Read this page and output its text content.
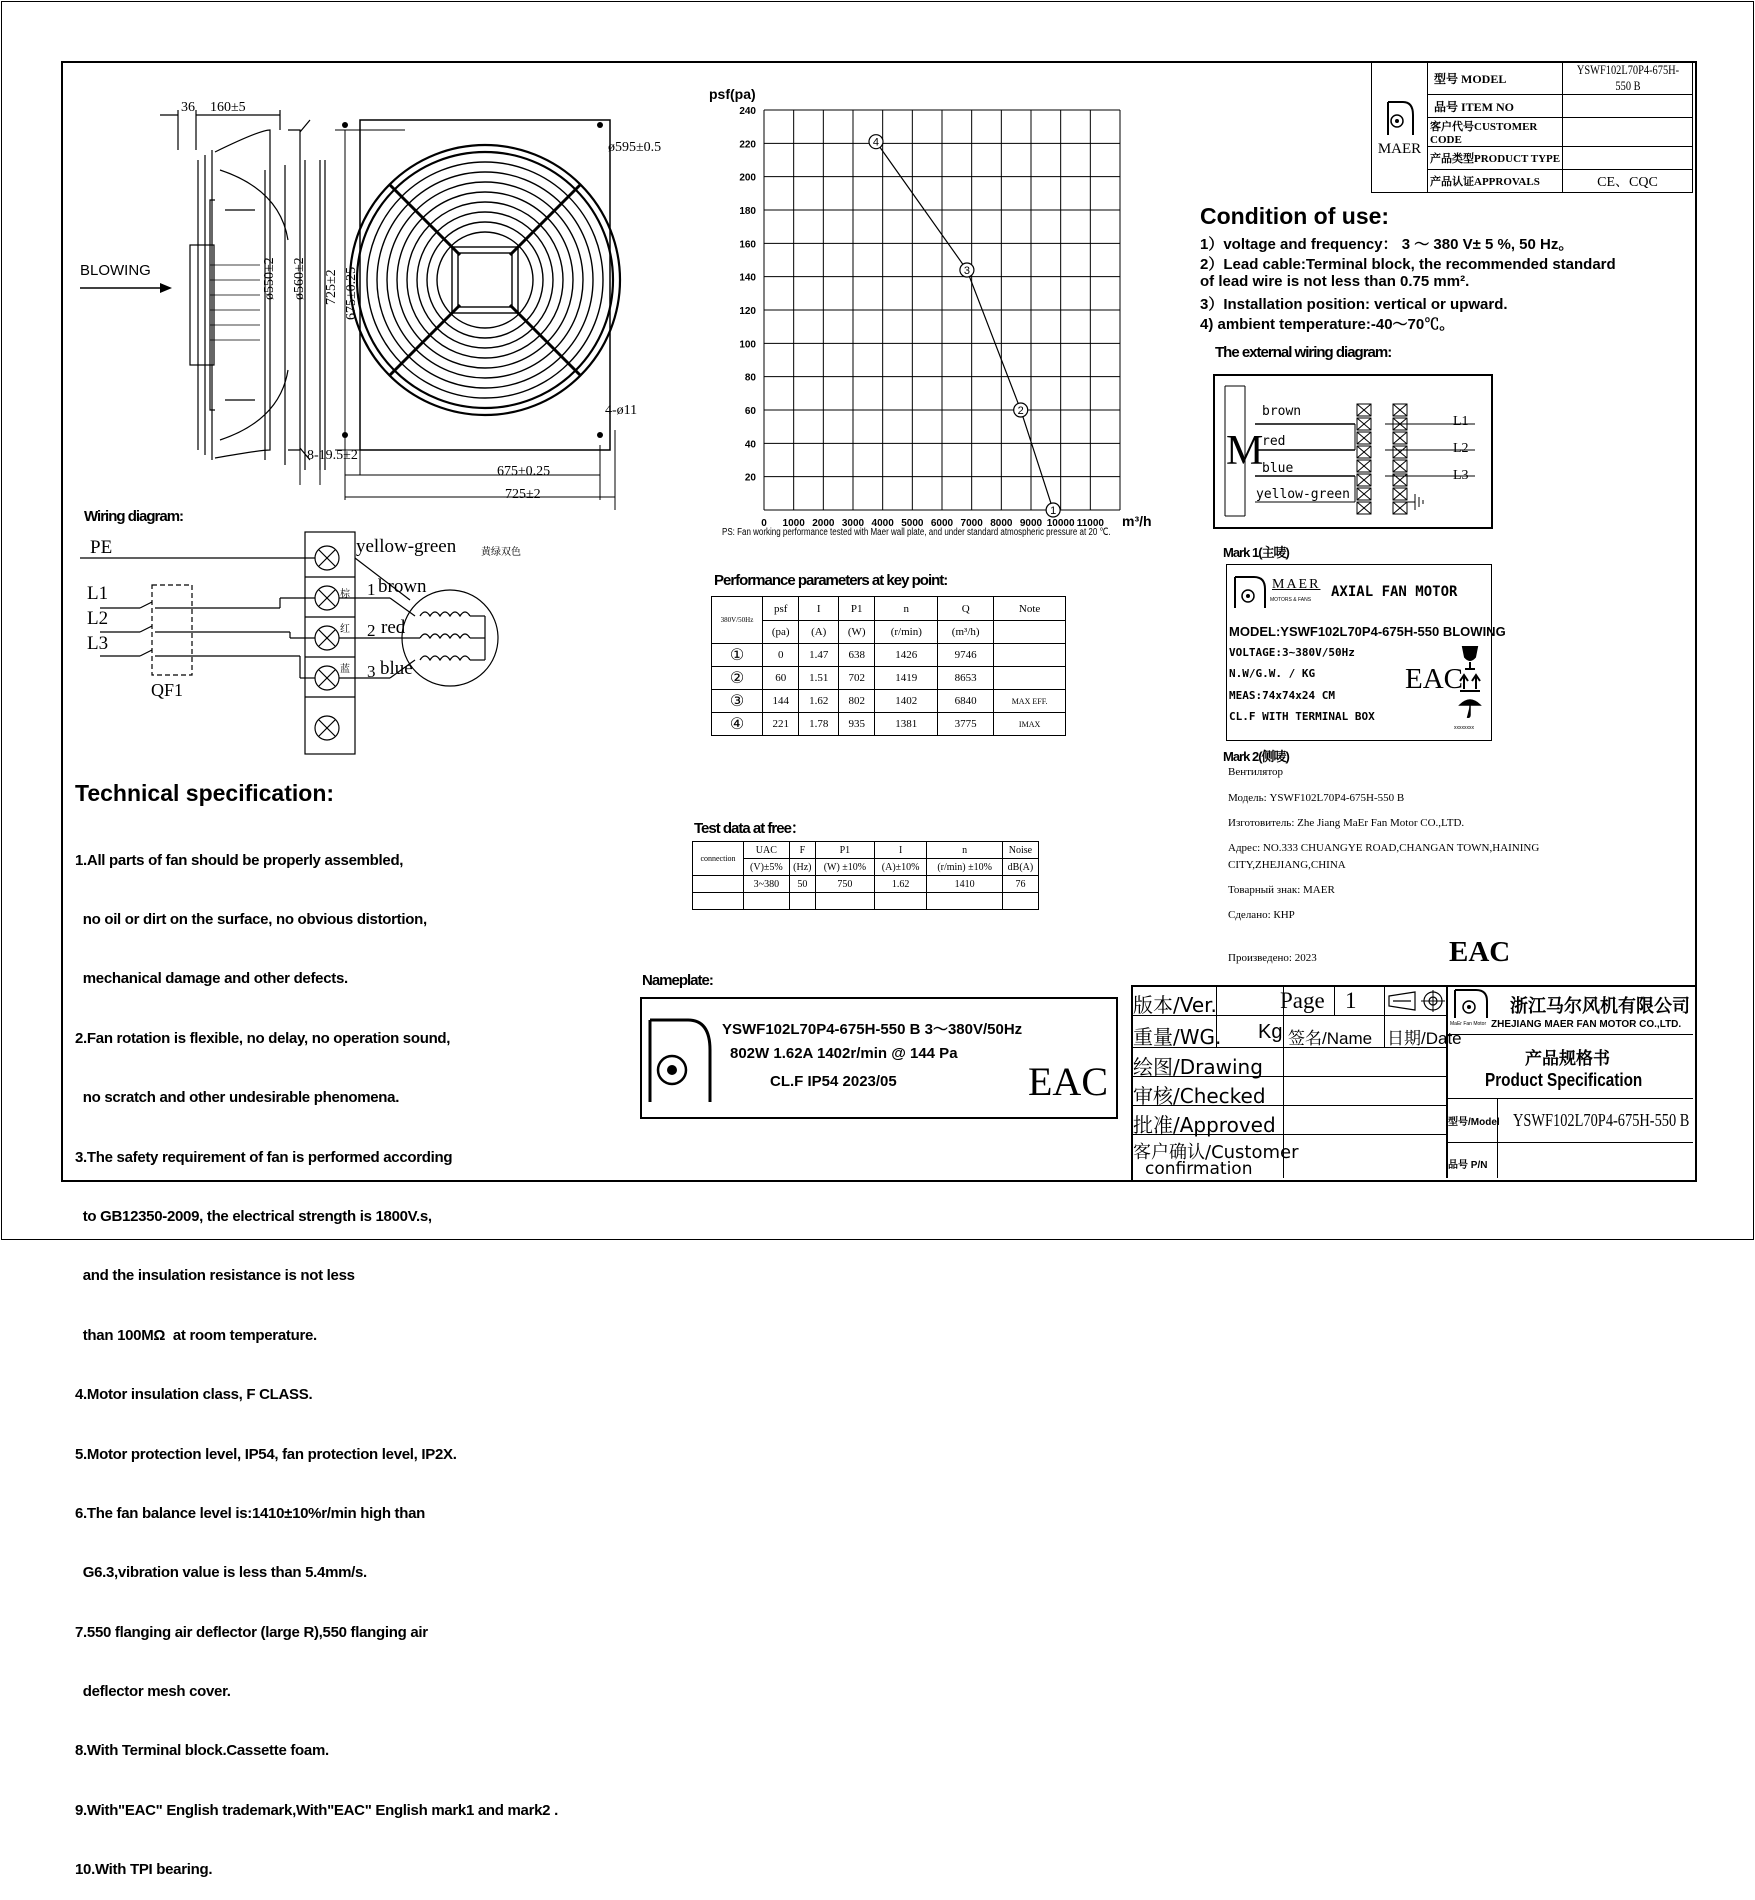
BLOWING
36 160±5
ø550±2 ø560±2 725±2 675±0.25
ø595±0.5
4-ø11
8-19.5±2
675±0.25
725±2
psf(pa)
240
220
200
180
160
140
120
100
80
60
40
20
0 1000 2000 3000 4000 5000 6000 7000 8000 9000 10000 11000 m³/h
4
3
2
1
PS: Fan working performance tested with Maer wall plate, and under standard atmospheric pressure at 20 ℃.
Wiring diagram:
PE
L1
L2
L3
QF1
yellow-green 黄绿双色
1 brown
棕
2 red
红
3 blue
蓝
Performance parameters at key point:
380V/50Hz	psf	I	P1	n	Q	Note
	(pa)	(A)	(W)	(r/min)	(m³/h)	
①	0	1.47	638	1426	9746	
②	60	1.51	702	1419	8653	
③	144	1.62	802	1402	6840	MAX EFF.
④	221	1.78	935	1381	3775	IMAX
Test data at free：
connection	UAC	F	P1	I	n	Noise
	(V)±5%	(Hz)	(W) ±10%	(A)±10%	(r/min) ±10%	dB(A)
	3~380	50	750	1.62	1410	76

Technical specification:

1.All parts of fan should be properly assembled,

no oil or dirt on the surface, no obvious distortion,

mechanical damage and other defects.

2.Fan rotation is flexible, no delay, no operation sound,

no scratch and other undesirable phenomena.

3.The safety requirement of fan is performed according

to GB12350-2009, the electrical strength is 1800V.s,

and the insulation resistance is not less

than 100MΩ  at room temperature.

4.Motor insulation class, F CLASS.

5.Motor protection level, IP54, fan protection level, IP2X.

6.The fan balance level is:1410±10%r/min high than

G6.3,vibration value is less than 5.4mm/s.

7.550 flanging air deflector (large R),550 flanging air

deflector mesh cover.

8.With Terminal block.Cassette foam.

9.With"EAC" English trademark,With"EAC" English mark1 and mark2 .

10.With TPI bearing.

Nameplate:
YSWF102L70P4-675H-550 B 3～380V/50Hz
802W 1.62A 1402r/min @ 144 Pa
CL.F IP54 2023/05	EAC
MAER	型号 MODEL	YSWF102L70P4-675H-550 B
	品号 ITEM NO	
	客户代号CUSTOMER CODE	
	产品类型PRODUCT TYPE	
	产品认证APPROVALS	CE、CQC
Condition of use:
1）voltage and frequency： 3 ～ 380 V± 5 %, 50 Hz。
2）Lead cable:Terminal block, the recommended standard
of lead wire is not less than 0.75 mm².
3）Installation position: vertical or upward.
4) ambient temperature:-40～70℃。
The external wiring diagram:
M
brown
red
blue
yellow-green
L1
L2
L3
Mark 1(主唛)
MAER
MOTORS & FANS AXIAL FAN MOTOR
MODEL:YSWF102L70P4-675H-550 BLOWING
VOLTAGE:3~380V/50Hz
N.W/G.W. / KG
MEAS:74x74x24 CM
CL.F WITH TERMINAL BOX
EAC
xxxxxxxx
Mark 2(侧唛)
Вентилятор
Модель: YSWF102L70P4-675H-550 B
Изготовитель: Zhe Jiang MaEr Fan Motor CO.,LTD.
Адрес: NO.333 CHUANGYE ROAD,CHANGAN TOWN,HAINING
CITY,ZHEJIANG,CHINA
Товарный знак: MAER
Сделано: КНР
Произведено: 2023	EAC
版本/Ver.	Page 1
重量/WG. Kg 签名/Name 日期/Date
绘图/Drawing
审核/Checked
批准/Approved
客户确认/Customer
confirmation
浙江马尔风机有限公司
MaEr Fan Motor ZHEJIANG MAER FAN MOTOR CO.,LTD.
产品规格书
Product Specification
型号/Model YSWF102L70P4-675H-550 B
品号 P/N
